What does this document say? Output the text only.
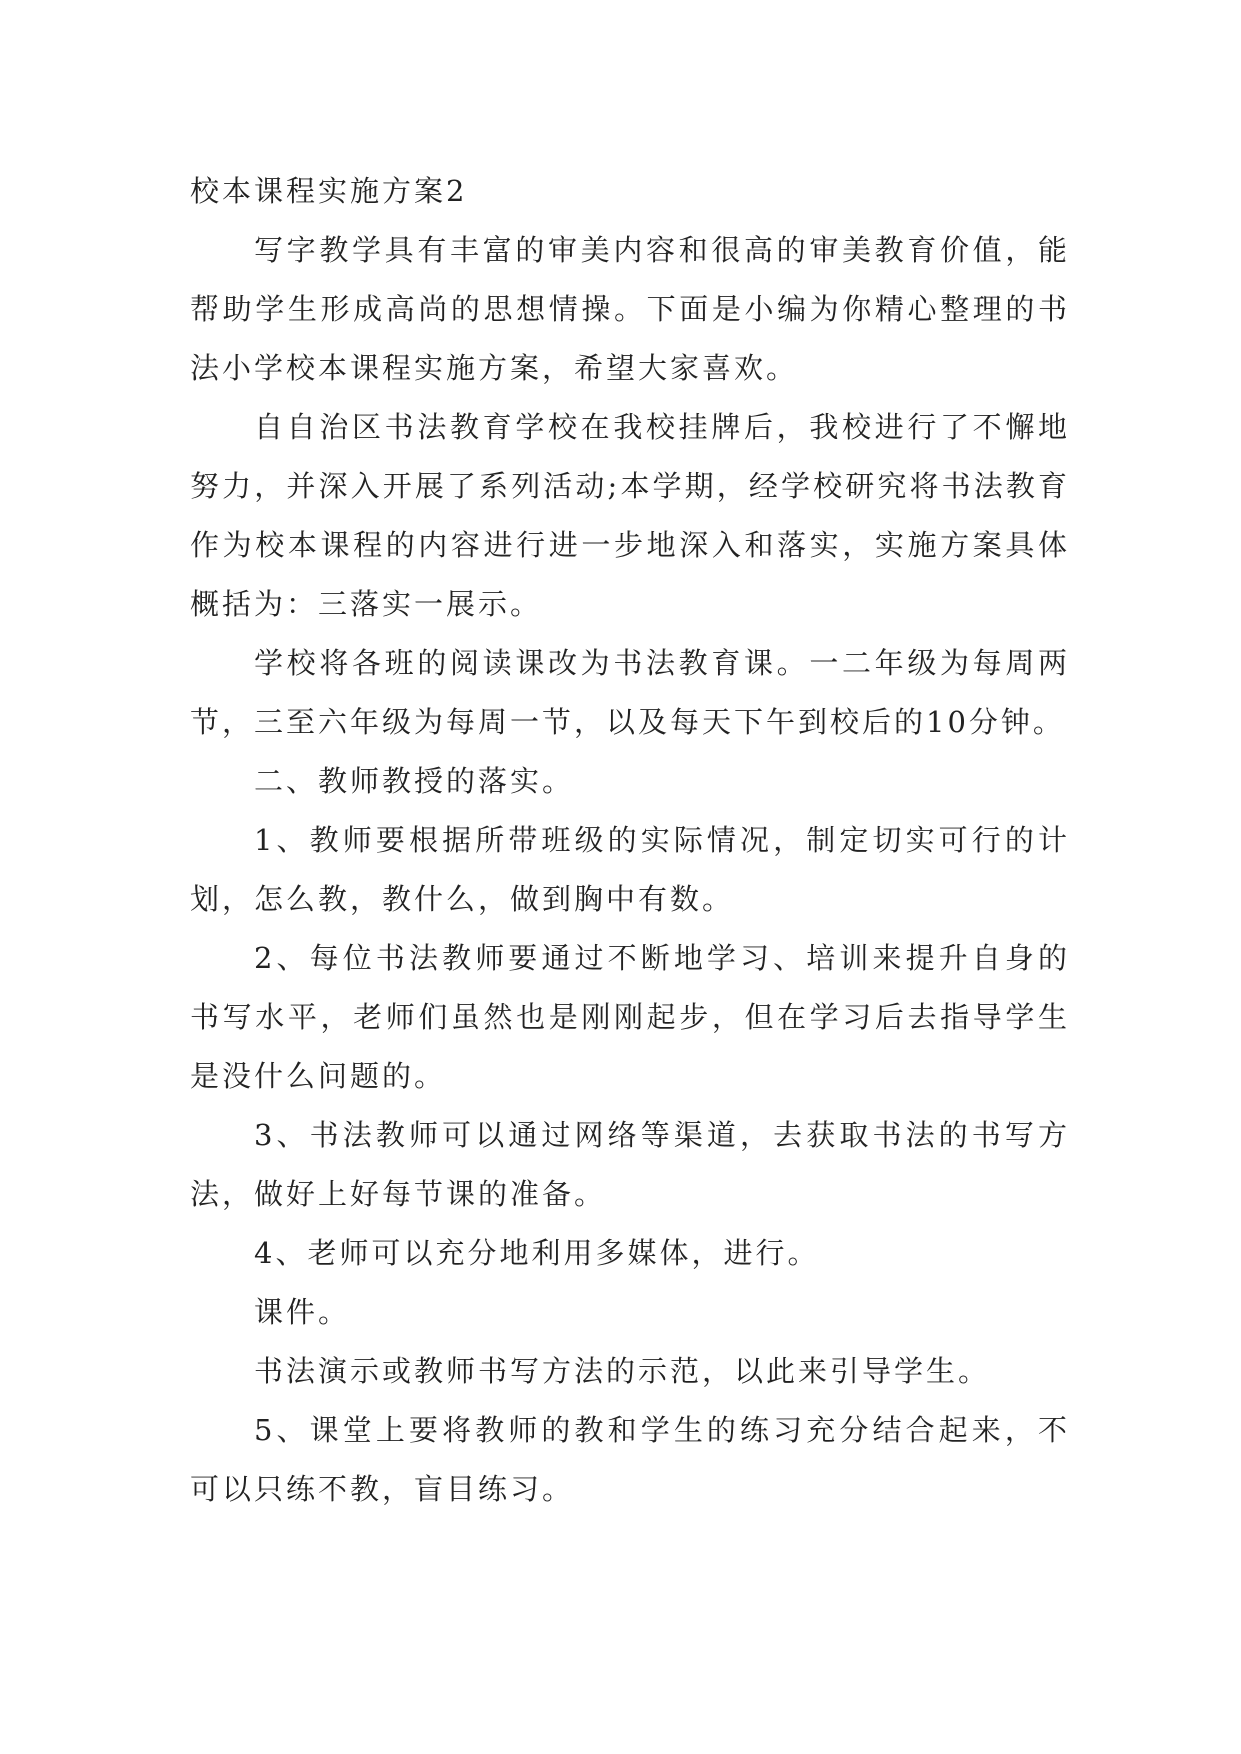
校本课程实施方案2

写字教学具有丰富的审美内容和很高的审美教育价值，能帮助学生形成高尚的思想情操。下面是小编为你精心整理的书法小学校本课程实施方案，希望大家喜欢。

自自治区书法教育学校在我校挂牌后，我校进行了不懈地努力，并深入开展了系列活动;本学期，经学校研究将书法教育作为校本课程的内容进行进一步地深入和落实，实施方案具体概括为：三落实一展示。

学校将各班的阅读课改为书法教育课。一二年级为每周两节，三至六年级为每周一节，以及每天下午到校后的10分钟。

二、教师教授的落实。

1、教师要根据所带班级的实际情况，制定切实可行的计划，怎么教，教什么，做到胸中有数。

2、每位书法教师要通过不断地学习、培训来提升自身的书写水平，老师们虽然也是刚刚起步，但在学习后去指导学生是没什么问题的。

3、书法教师可以通过网络等渠道，去获取书法的书写方法，做好上好每节课的准备。

4、老师可以充分地利用多媒体，进行。

课件。

书法演示或教师书写方法的示范，以此来引导学生。

5、课堂上要将教师的教和学生的练习充分结合起来，不可以只练不教，盲目练习。
